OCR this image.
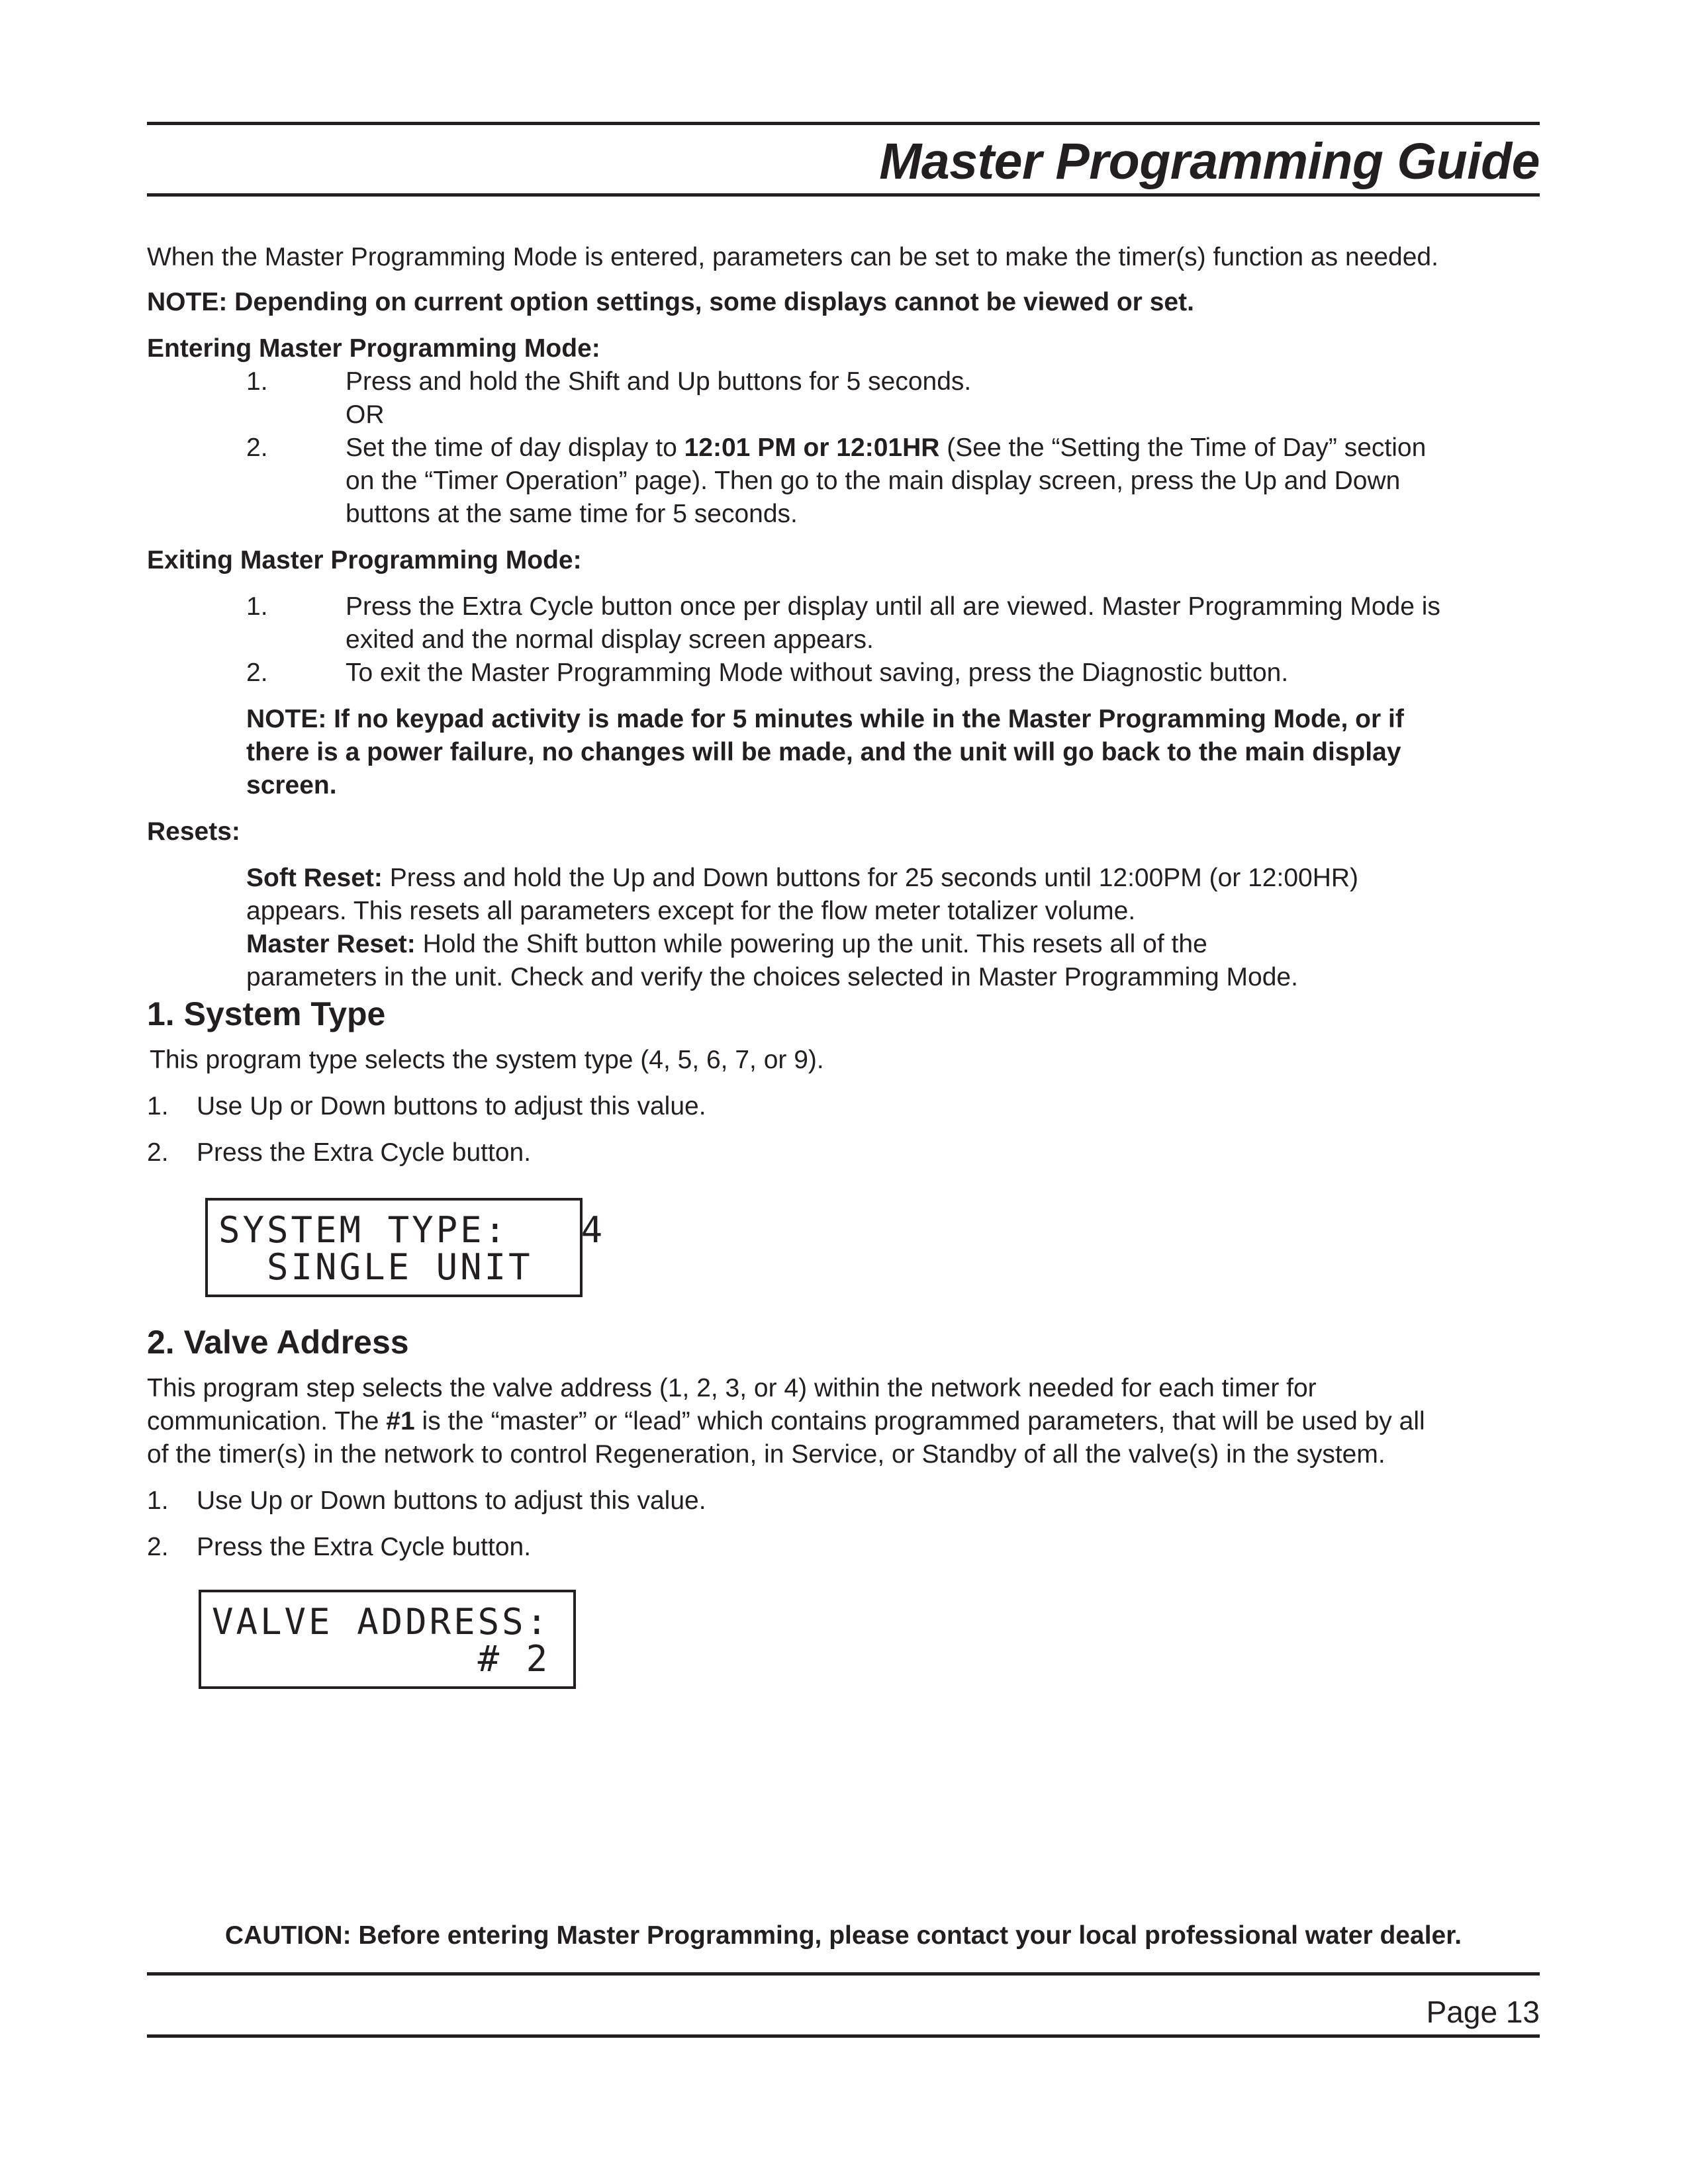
Master Programming Guide
When the Master Programming Mode is entered, parameters can be set to make the timer(s) function as needed.
NOTE: Depending on current option settings, some displays cannot be viewed or set.
Entering Master Programming Mode:
1.	Press and hold the Shift and Up buttons for 5 seconds.
OR
2.	Set the time of day display to 12:01 PM or 12:01HR (See the “Setting the Time of Day” section
on the “Timer Operation” page). Then go to the main display screen, press the Up and Down
buttons at the same time for 5 seconds.
Exiting Master Programming Mode:
1.	Press the Extra Cycle button once per display until all are viewed. Master Programming Mode is
exited and the normal display screen appears.
2.	To exit the Master Programming Mode without saving, press the Diagnostic button.
NOTE: If no keypad activity is made for 5 minutes while in the Master Programming Mode, or if
there is a power failure, no changes will be made, and the unit will go back to the main display
screen.
Resets:
Soft Reset: Press and hold the Up and Down buttons for 25 seconds until 12:00PM (or 12:00HR)
appears. This resets all parameters except for the flow meter totalizer volume.
Master Reset: Hold the Shift button while powering up the unit. This resets all of the
parameters in the unit. Check and verify the choices selected in Master Programming Mode.
1. System Type
This program type selects the system type (4, 5, 6, 7, or 9).
1. Use Up or Down buttons to adjust this value.
2. Press the Extra Cycle button.
SYSTEM TYPE:   4
SINGLE UNIT
2. Valve Address
This program step selects the valve address (1, 2, 3, or 4) within the network needed for each timer for
communication. The #1 is the “master” or “lead” which contains programmed parameters, that will be used by all
of the timer(s) in the network to control Regeneration, in Service, or Standby of all the valve(s) in the system.
1. Use Up or Down buttons to adjust this value.
2. Press the Extra Cycle button.
VALVE ADDRESS:
# 2
CAUTION: Before entering Master Programming, please contact your local professional water dealer.
Page 13
